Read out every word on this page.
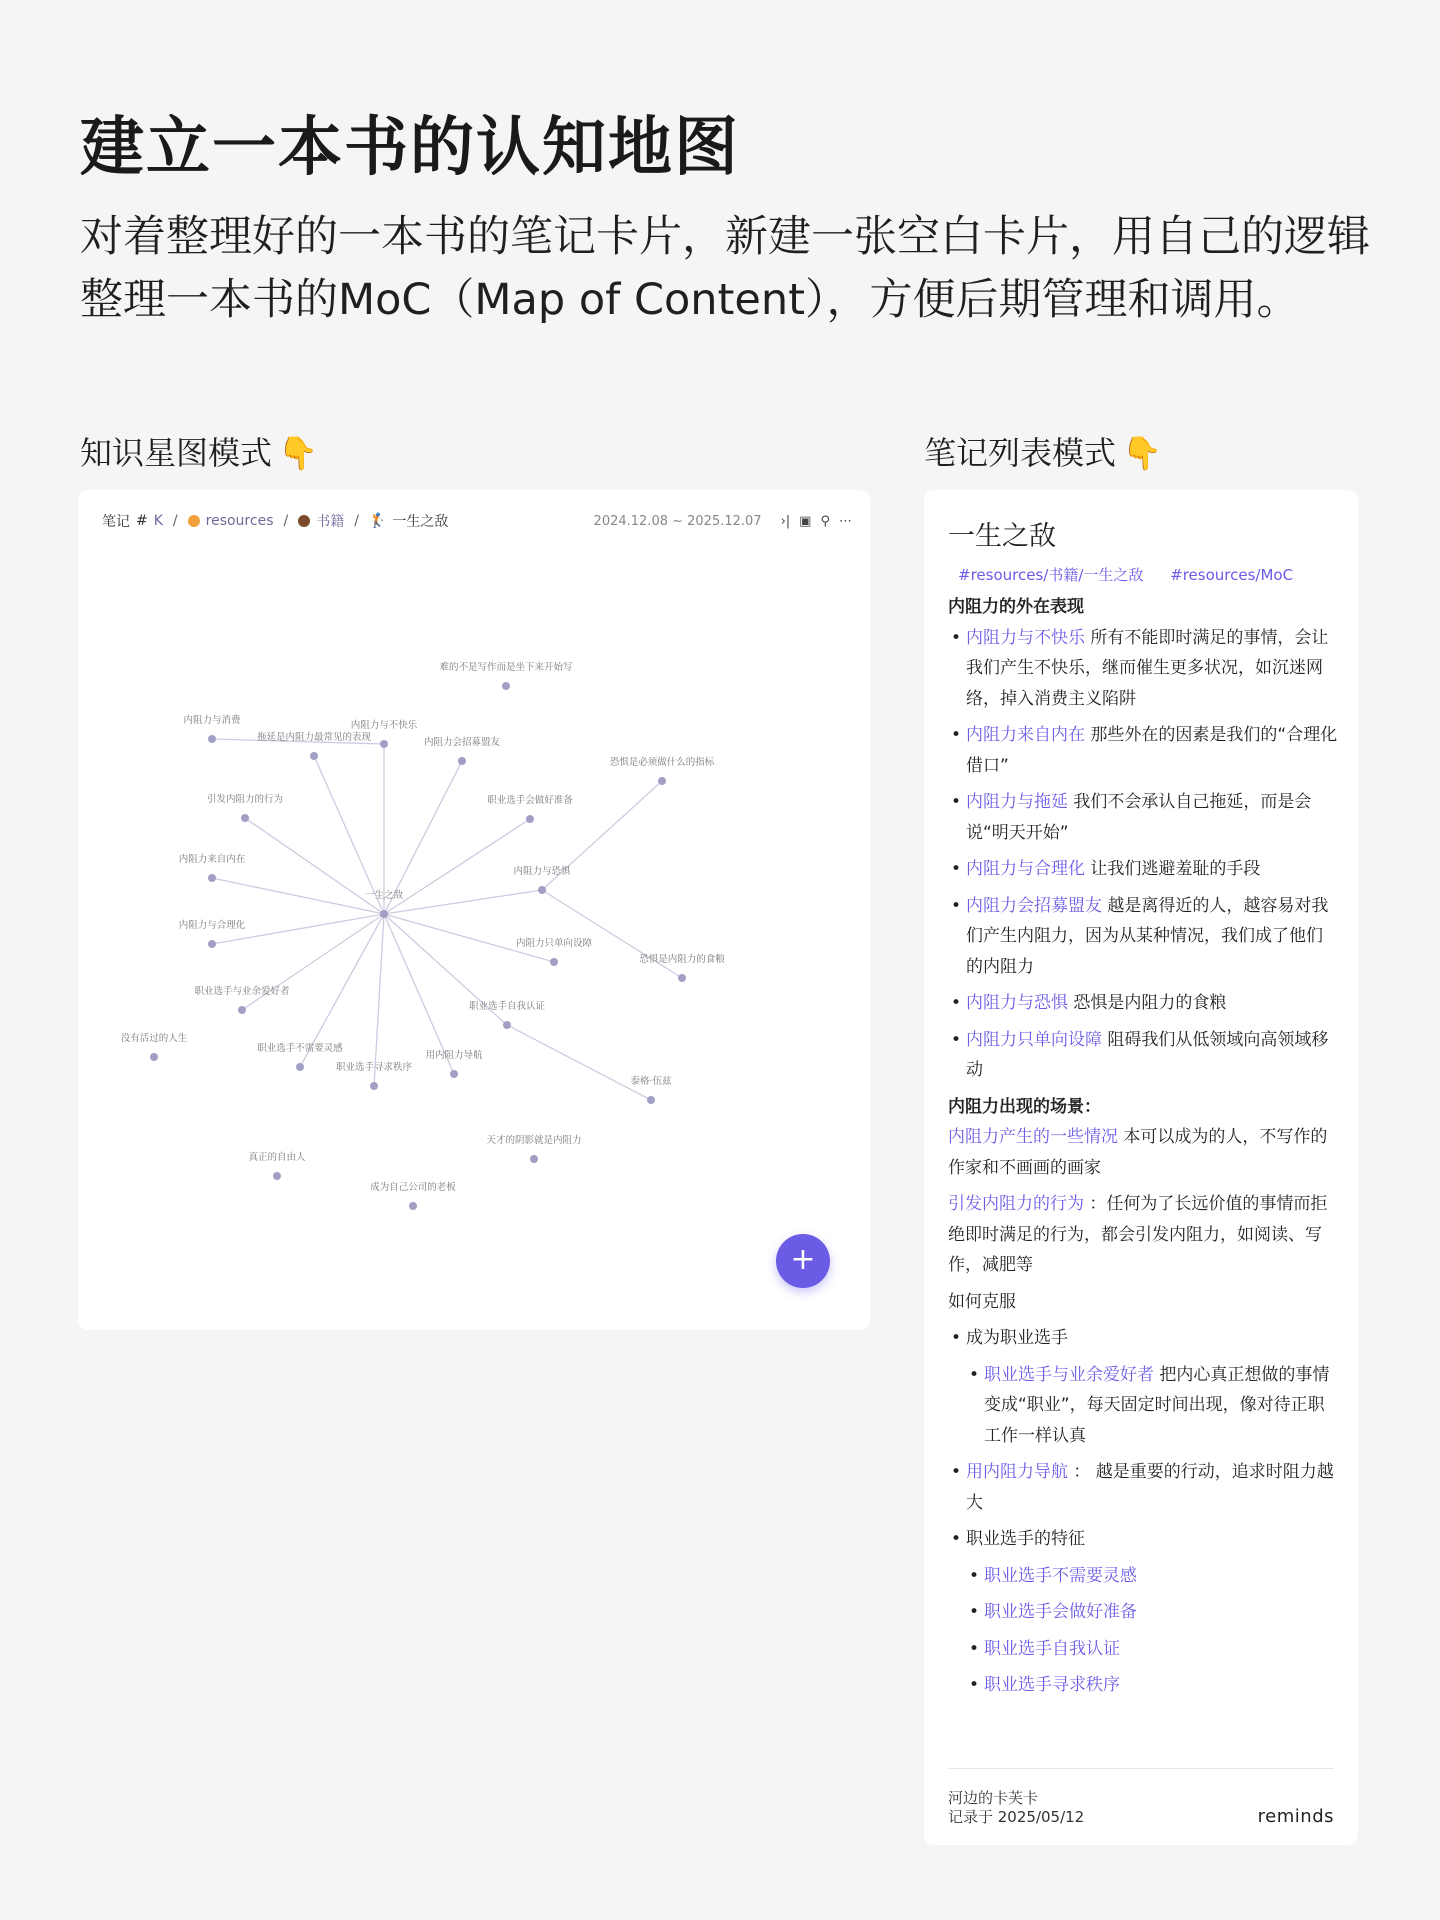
建立一本书的认知地图

对着整理好的一本书的笔记卡片，新建一张空白卡片，用自己的逻辑整理一本书的MoC（Map of Content），方便后期管理和调用。

知识星图模式 👇	笔记列表模式 👇
一生之敌
难的不是写作而是坐下来开始写
内阻力与消费	内阻力与不快乐
拖延是内阻力最常见的表现	内阻力会招募盟友
恐惧是必须做什么的指标
引发内阻力的行为	职业选手会做好准备
内阻力来自内在
内阻力与恐惧
内阻力与合理化
内阻力只单向设障
恐惧是内阻力的食粮
职业选手与业余爱好者
职业选手自我认证
没有活过的人生
职业选手不需要灵感
用内阻力导航
职业选手寻求秩序
泰格·伍兹
天才的阴影就是内阻力
真正的自由人
成为自己公司的老板
笔记 # K / resources / 书籍 / 🏌 一生之敌	2024.12.08 ~ 2025.12.07 ›| ▣ ⚲ ⋯
+
一生之敌
#resources/书籍/一生之敌 #resources/MoC

内阻力的外在表现

• 内阻力与不快乐 所有不能即时满足的事情，会让我们产生不快乐，继而催生更多状况，如沉迷网络，掉入消费主义陷阱
• 内阻力来自内在 那些外在的因素是我们的“合理化借口”
• 内阻力与拖延 我们不会承认自己拖延，而是会说“明天开始”
• 内阻力与合理化 让我们逃避羞耻的手段
• 内阻力会招募盟友 越是离得近的人，越容易对我们产生内阻力，因为从某种情况，我们成了他们的内阻力
• 内阻力与恐惧 恐惧是内阻力的食粮
• 内阻力只单向设障 阻碍我们从低领域向高领域移动

内阻力出现的场景：

内阻力产生的一些情况 本可以成为的人，不写作的作家和不画画的画家

引发内阻力的行为 ：任何为了长远价值的事情而拒绝即时满足的行为，都会引发内阻力，如阅读、写作，减肥等

如何克服

• 成为职业选手
• 职业选手与业余爱好者 把内心真正想做的事情变成“职业”，每天固定时间出现，像对待正职工作一样认真
• 用内阻力导航 ： 越是重要的行动，追求时阻力越大
• 职业选手的特征
• 职业选手不需要灵感
• 职业选手会做好准备
• 职业选手自我认证
• 职业选手寻求秩序
河边的卡芙卡
记录于 2025/05/12	reminds
